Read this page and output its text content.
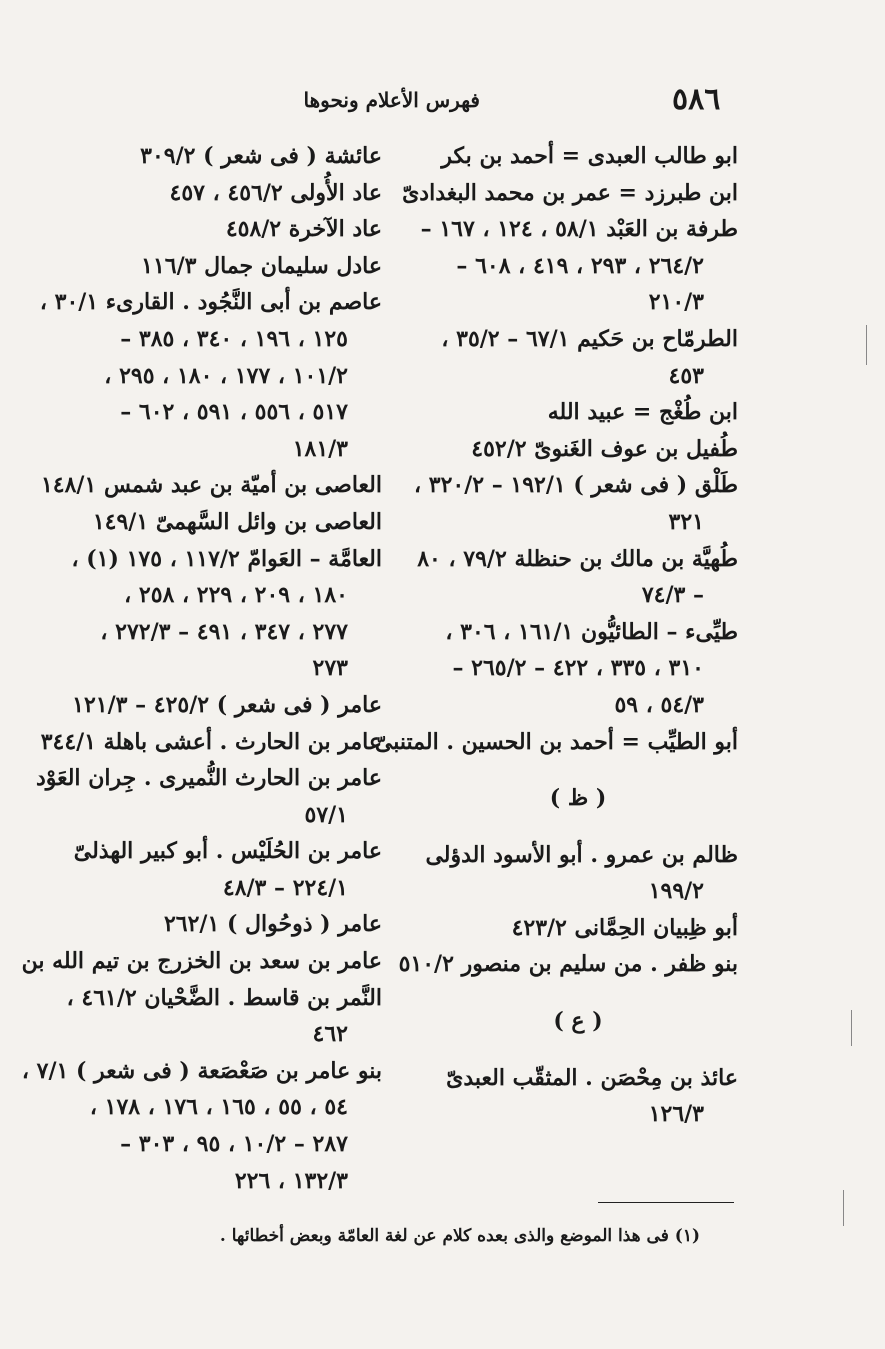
٥٨٦
فهرس الأعلام ونحوها
ابو طالب العبدى = أحمد بن بكر
ابن طبرزد = عمر بن محمد البغدادىّ
طرفة بن العَبْد ٥٨/١ ، ١٢٤ ، ١٦٧ –
٢٦٤/٢ ، ٢٩٣ ، ٤١٩ ، ٦٠٨ –
٢١٠/٣
الطرمّاح بن حَكيم ٦٧/١ – ٣٥/٢ ،
٤٥٣
ابن طُغْج = عبيد الله
طُفيل بن عوف الغَنوىّ ٤٥٢/٢
طَلْق ( فى شعر ) ١٩٢/١ – ٣٢٠/٢ ،
٣٢١
طُهيَّة بن مالك بن حنظلة ٧٩/٢ ، ٨٠
– ٧٤/٣
طيِّىء – الطائيُّون ١٦١/١ ، ٣٠٦ ،
٣١٠ ، ٣٣٥ ، ٤٢٢ – ٢٦٥/٢ –
٥٤/٣ ، ٥٩
أبو الطيِّب = أحمد بن الحسين . المتنبىّ
( ظ )
ظالم بن عمرو . أبو الأسود الدؤلى
١٩٩/٢
أبو ظِبيان الحِمَّانى ٤٢٣/٢
بنو ظفر . من سليم بن منصور ٥١٠/٢
( ع )
عائذ بن مِحْصَن . المثقّب العبدىّ
١٢٦/٣
عائشة ( فى شعر ) ٣٠٩/٢
عاد الأُولى ٤٥٦/٢ ، ٤٥٧
عاد الآخرة ٤٥٨/٢
عادل سليمان جمال ١١٦/٣
عاصم بن أبى النَّجُود . القارىء ٣٠/١ ،
١٢٥ ، ١٩٦ ، ٣٤٠ ، ٣٨٥ –
١٠١/٢ ، ١٧٧ ، ١٨٠ ، ٢٩٥ ،
٥١٧ ، ٥٥٦ ، ٥٩١ ، ٦٠٢ –
١٨١/٣
العاصى بن أميّة بن عبد شمس ١٤٨/١
العاصى بن وائل السَّهمىّ ١٤٩/١
العامَّة – العَوامّ ١١٧/٢ ، ١٧٥ (١) ،
١٨٠ ، ٢٠٩ ، ٢٢٩ ، ٢٥٨ ،
٢٧٧ ، ٣٤٧ ، ٤٩١ – ٢٧٢/٣ ،
٢٧٣
عامر ( فى شعر ) ٤٢٥/٢ – ١٢١/٣
عامر بن الحارث . أعشى باهلة ٣٤٤/١
عامر بن الحارث النُّميرى . جِران العَوْد
٥٧/١
عامر بن الحُلَيْس . أبو كبير الهذلىّ
٢٢٤/١ – ٤٨/٣
عامر ( ذوحُوال ) ٢٦٢/١
عامر بن سعد بن الخزرج بن تيم الله بن
النَّمر بن قاسط . الضَّحْيان ٤٦١/٢ ،
٤٦٢
بنو عامر بن صَعْصَعة ( فى شعر ) ٧/١ ،
٥٤ ، ٥٥ ، ١٦٥ ، ١٧٦ ، ١٧٨ ،
٢٨٧ – ١٠/٢ ، ٩٥ ، ٣٠٣ –
١٣٢/٣ ، ٢٢٦
(١) فى هذا الموضع والذى بعده كلام عن لغة العامّة وبعض أخطائها .
